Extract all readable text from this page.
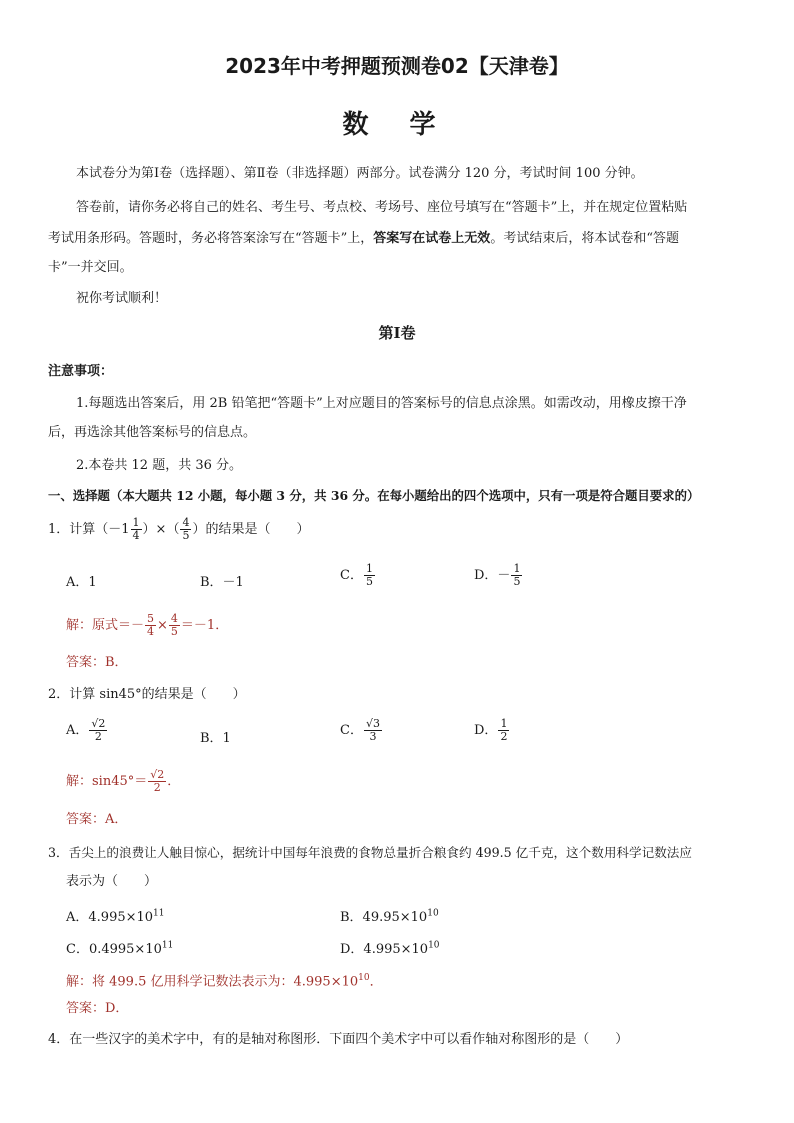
2023年中考押题预测卷02【天津卷】
数 学
本试卷分为第Ⅰ卷（选择题）、第Ⅱ卷（非选择题）两部分。试卷满分 120 分，考试时间 100 分钟。
答卷前，请你务必将自己的姓名、考生号、考点校、考场号、座位号填写在“答题卡”上，并在规定位置粘贴
考试用条形码。答题时，务必将答案涂写在“答题卡”上，答案写在试卷上无效。考试结束后，将本试卷和“答题
卡”一并交回。
祝你考试顺利！
第Ⅰ卷
注意事项：
1.每题选出答案后，用 2B 铅笔把“答题卡”上对应题目的答案标号的信息点涂黑。如需改动，用橡皮擦干净
后，再选涂其他答案标号的信息点。
2.本卷共 12 题，共 36 分。
一、选择题（本大题共 12 小题，每小题 3 分，共 36 分。在每小题给出的四个选项中，只有一项是符合题目要求的）
1．计算（$-1 \frac{1}{4}$ ）×（ $\frac{4}{5}$ ）的结果是（　　）
A．1	B．－1	C． $\frac{1}{5}$	D．－ $\frac{1}{5}$
解：原式＝－ $\frac{5}{4} \times \frac{4}{5} =-1$．
答案：B．
2．计算 sin45°的结果是（　　）
A． $\frac{√2}{2}$	B．1
C． $\frac{√3}{3}$	D． $\frac{1}{2}$
解：$\sin 45^\circ= \frac{√2}{2}$ ．
答案：A．
3．舌尖上的浪费让人触目惊心，据统计中国每年浪费的食物总量折合粮食约 499.5 亿千克，这个数用科学记数法应
表示为（　　）
A．$4.995\times 10^{11}$	B．$49.95\times 10^{10}$
C．$0.4995\times 10^{11}$	D．$4.995\times 10^{10}$
解：将 499.5 亿用科学记数法表示为：$4.995\times 10^{10}$．
答案：D．
4．在一些汉字的美术字中，有的是轴对称图形．下面四个美术字中可以看作轴对称图形的是（　　）
